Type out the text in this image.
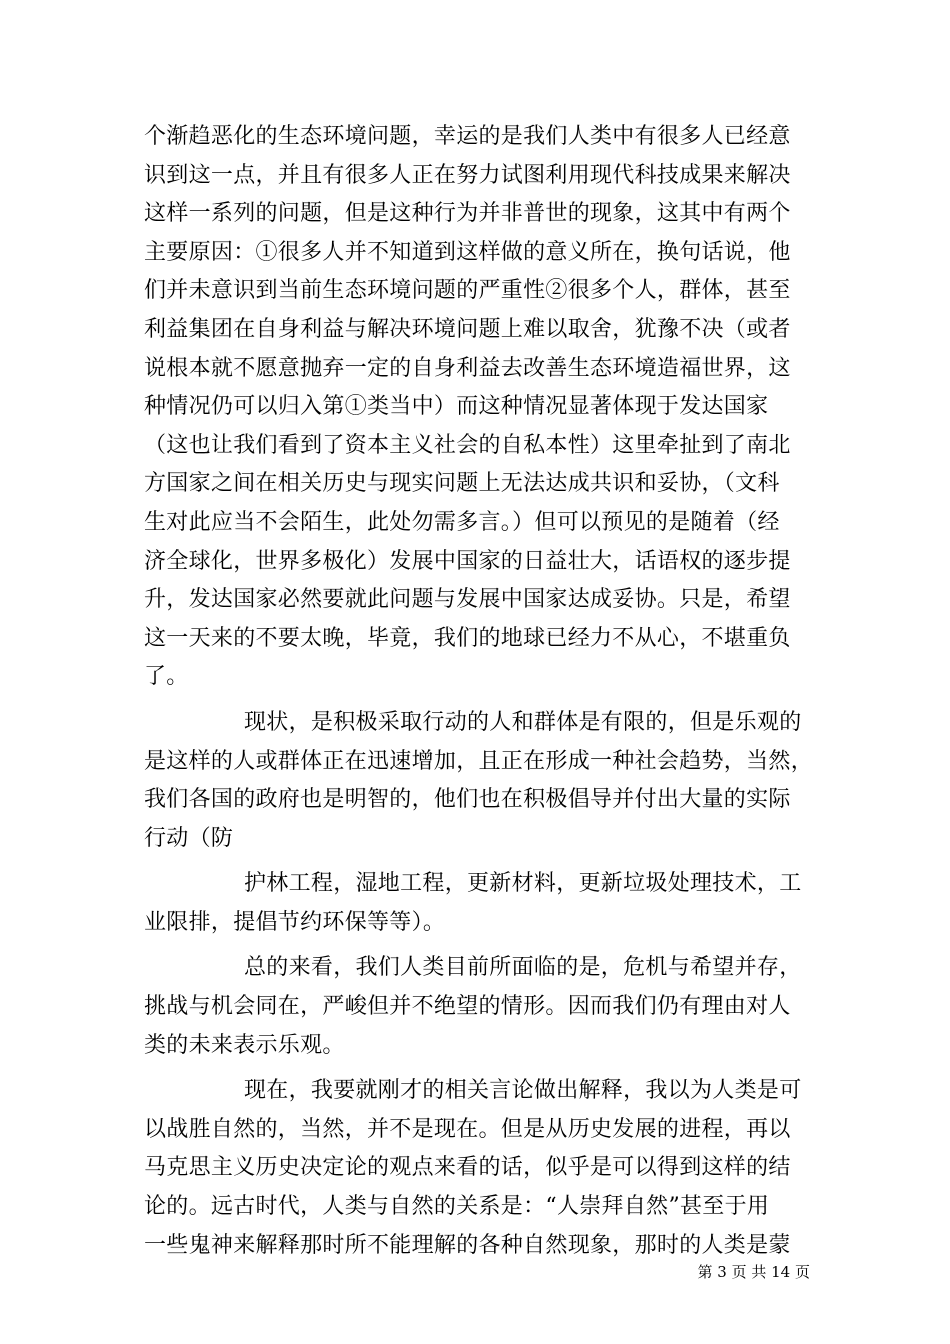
个渐趋恶化的生态环境问题，幸运的是我们人类中有很多人已经意
识到这一点，并且有很多人正在努力试图利用现代科技成果来解决
这样一系列的问题，但是这种行为并非普世的现象，这其中有两个
主要原因：①很多人并不知道到这样做的意义所在，换句话说，他
们并未意识到当前生态环境问题的严重性②很多个人，群体，甚至
利益集团在自身利益与解决环境问题上难以取舍，犹豫不决（或者
说根本就不愿意抛弃一定的自身利益去改善生态环境造福世界，这
种情况仍可以归入第①类当中）而这种情况显著体现于发达国家
（这也让我们看到了资本主义社会的自私本性）这里牵扯到了南北
方国家之间在相关历史与现实问题上无法达成共识和妥协，（文科
生对此应当不会陌生，此处勿需多言。）但可以预见的是随着（经
济全球化，世界多极化）发展中国家的日益壮大，话语权的逐步提
升，发达国家必然要就此问题与发展中国家达成妥协。只是，希望
这一天来的不要太晚，毕竟，我们的地球已经力不从心，不堪重负
了。
现状，是积极采取行动的人和群体是有限的，但是乐观的
是这样的人或群体正在迅速增加，且正在形成一种社会趋势，当然，
我们各国的政府也是明智的，他们也在积极倡导并付出大量的实际
行动（防
护林工程，湿地工程，更新材料，更新垃圾处理技术，工
业限排，提倡节约环保等等）。
总的来看，我们人类目前所面临的是，危机与希望并存，
挑战与机会同在，严峻但并不绝望的情形。因而我们仍有理由对人
类的未来表示乐观。
现在，我要就刚才的相关言论做出解释，我以为人类是可
以战胜自然的，当然，并不是现在。但是从历史发展的进程，再以
马克思主义历史决定论的观点来看的话，似乎是可以得到这样的结
论的。远古时代，人类与自然的关系是：“人崇拜自然”甚至于用
一些鬼神来解释那时所不能理解的各种自然现象，那时的人类是蒙
第 3 页 共 14 页
